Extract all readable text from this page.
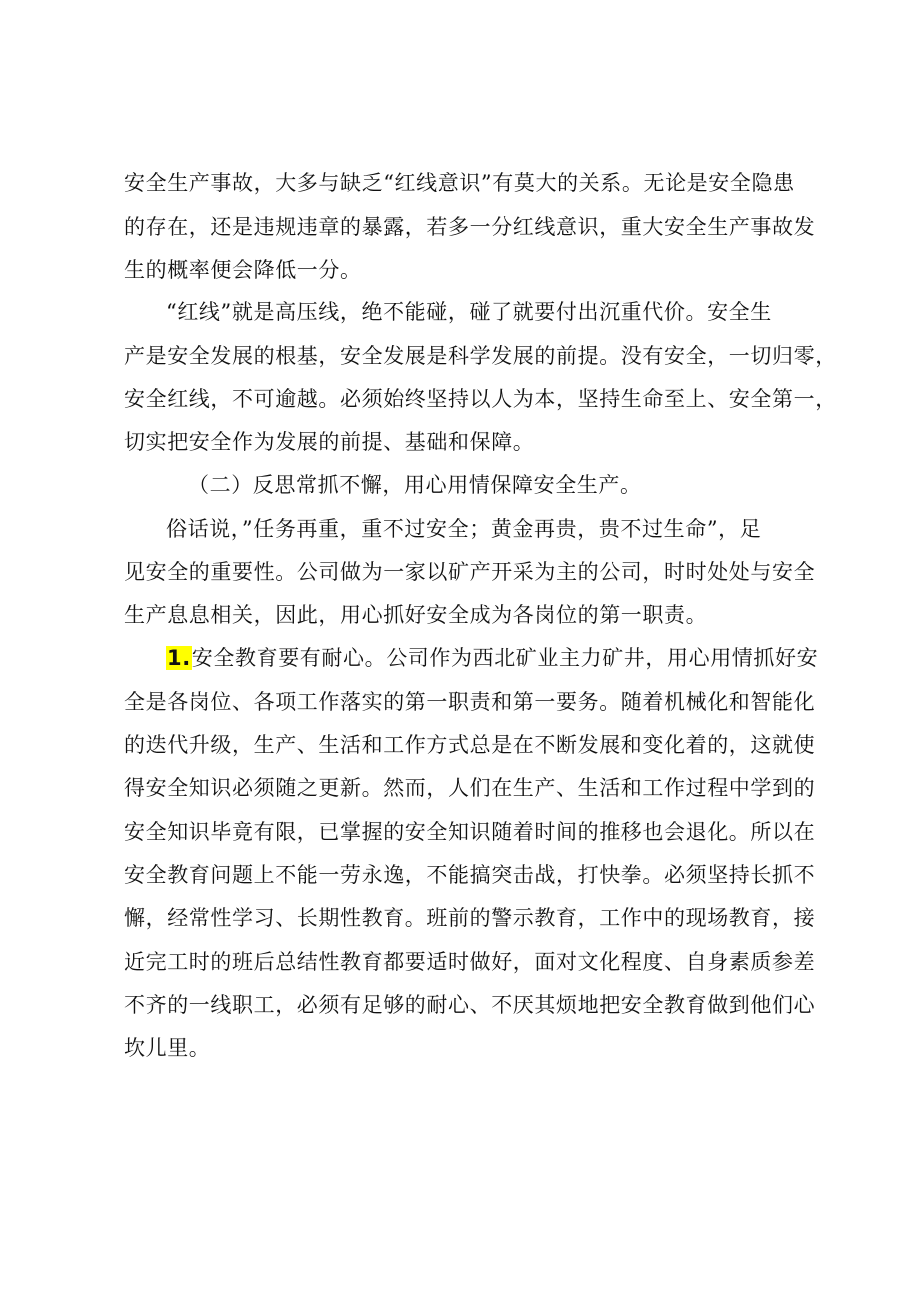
安全生产事故，大多与缺乏“红线意识”有莫大的关系。无论是安全隐患
的存在，还是违规违章的暴露，若多一分红线意识，重大安全生产事故发
生的概率便会降低一分。
“红线”就是高压线，绝不能碰，碰了就要付出沉重代价。安全生
产是安全发展的根基，安全发展是科学发展的前提。没有安全，一切归零，
安全红线，不可逾越。必须始终坚持以人为本，坚持生命至上、安全第一，
切实把安全作为发展的前提、基础和保障。
（二）反思常抓不懈，用心用情保障安全生产。
俗话说，”任务再重，重不过安全；黄金再贵，贵不过生命”，足
见安全的重要性。公司做为一家以矿产开采为主的公司，时时处处与安全
生产息息相关，因此，用心抓好安全成为各岗位的第一职责。
1.安全教育要有耐心。公司作为西北矿业主力矿井，用心用情抓好安
全是各岗位、各项工作落实的第一职责和第一要务。随着机械化和智能化
的迭代升级，生产、生活和工作方式总是在不断发展和变化着的，这就使
得安全知识必须随之更新。然而，人们在生产、生活和工作过程中学到的
安全知识毕竟有限，已掌握的安全知识随着时间的推移也会退化。所以在
安全教育问题上不能一劳永逸，不能搞突击战，打快拳。必须坚持长抓不
懈，经常性学习、长期性教育。班前的警示教育，工作中的现场教育，接
近完工时的班后总结性教育都要适时做好，面对文化程度、自身素质参差
不齐的一线职工，必须有足够的耐心、不厌其烦地把安全教育做到他们心
坎儿里。
